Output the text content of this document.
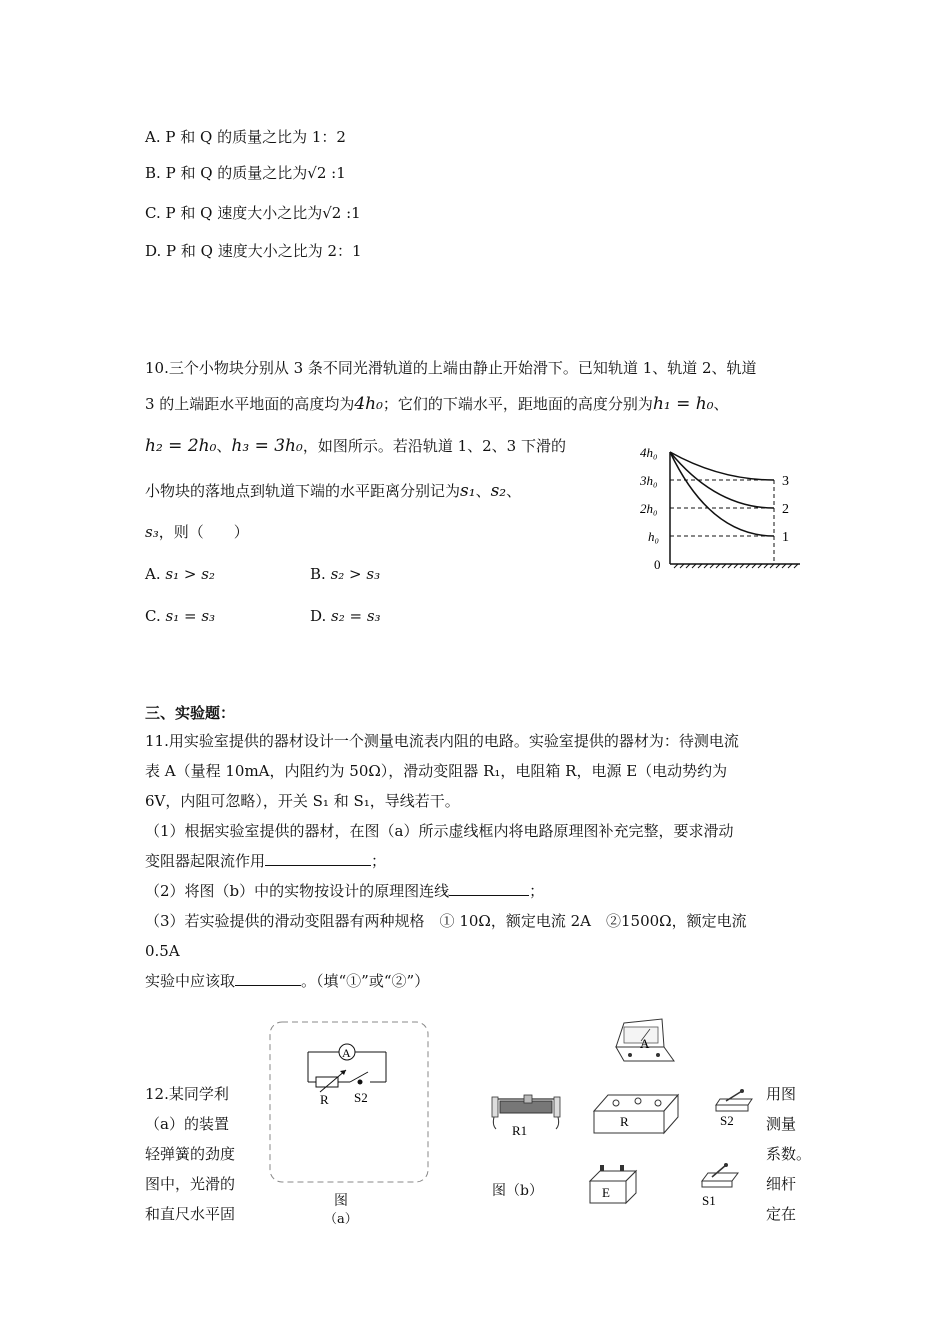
A. P 和 Q 的质量之比为 1：2
B. P 和 Q 的质量之比为√2 :1
C. P 和 Q 速度大小之比为√2 :1
D. P 和 Q 速度大小之比为 2：1
10.三个小物块分别从 3 条不同光滑轨道的上端由静止开始滑下。已知轨道 1、轨道 2、轨道
3 的上端距水平地面的高度均为4h₀；它们的下端水平，距地面的高度分别为h₁ = h₀、
h₂ = 2h₀、h₃ = 3h₀，如图所示。若沿轨道 1、2、3 下滑的
小物块的落地点到轨道下端的水平距离分别记为s₁、s₂、
s₃，则（　　）
A. s₁ > s₂	B. s₂ > s₃
C. s₁ = s₃	D. s₂ = s₃
4h₀
3h₀
2h₀
h₀
0
3
2
1
三、实验题：
11.用实验室提供的器材设计一个测量电流表内阻的电路。实验室提供的器材为：待测电流
表 A（量程 10mA，内阻约为 50Ω），滑动变阻器 R₁，电阻箱 R，电源 E（电动势约为
6V，内阻可忽略），开关 S₁ 和 S₁，导线若干。
（1）根据实验室提供的器材，在图（a）所示虚线框内将电路原理图补充完整，要求滑动
变阻器起限流作用	；
（2）将图（b）中的实物按设计的原理图连线	；
（3）若实验提供的滑动变阻器有两种规格　① 10Ω，额定电流 2A　②1500Ω，额定电流
0.5A
实验中应该取	。（填“①”或“②”）
12.某同学利
（a）的装置
轻弹簧的劲度
图中，光滑的
和直尺水平固
用图
测量
系数。
细杆
定在
A
R S2
图
（a）
A
R1
R	S2
E
S1
图（b）
